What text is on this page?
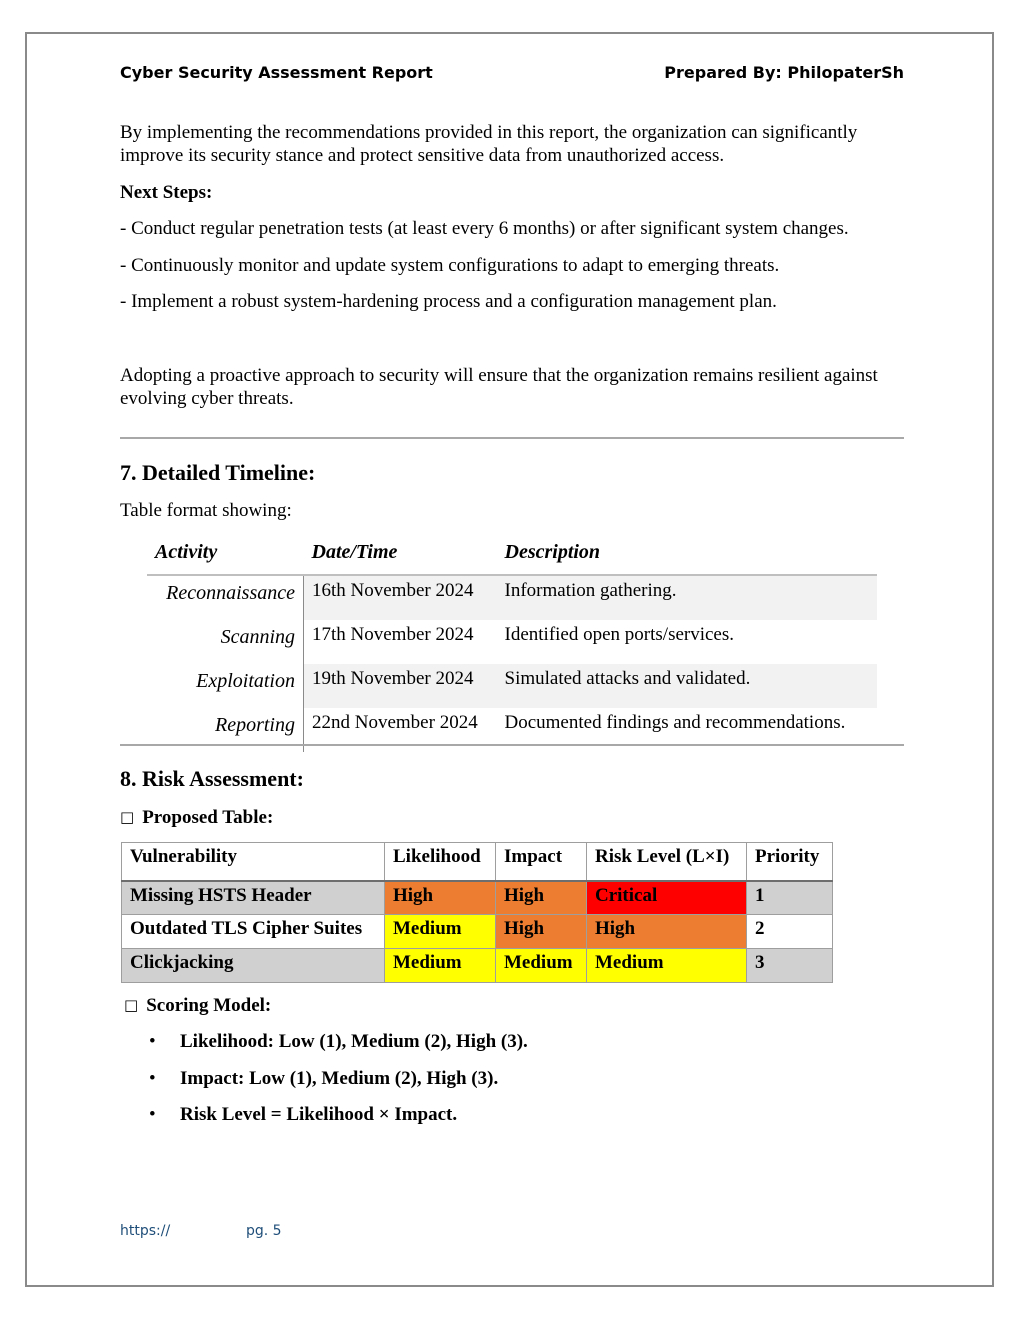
Cyber Security Assessment Report	Prepared By: PhilopaterSh
By implementing the recommendations provided in this report, the organization can significantly improve its security stance and protect sensitive data from unauthorized access.
Next Steps:
- Conduct regular penetration tests (at least every 6 months) or after significant system changes.
- Continuously monitor and update system configurations to adapt to emerging threats.
- Implement a robust system-hardening process and a configuration management plan.
Adopting a proactive approach to security will ensure that the organization remains resilient against evolving cyber threats.
7. Detailed Timeline:
Table format showing:
Activity	Date/Time	Description
Reconnaissance	16th November 2024	Information gathering.
Scanning	17th November 2024	Identified open ports/services.
Exploitation	19th November 2024	Simulated attacks and validated.
Reporting	22nd November 2024	Documented findings and recommendations.
8. Risk Assessment:
□ Proposed Table:
Vulnerability	Likelihood	Impact	Risk Level (L×I)	Priority
Missing HSTS Header	High	High	Critical	1
Outdated TLS Cipher Suites	Medium	High	High	2
Clickjacking	Medium	Medium	Medium	3
□ Scoring Model:
• Likelihood: Low (1), Medium (2), High (3).
• Impact: Low (1), Medium (2), High (3).
• Risk Level = Likelihood × Impact.
https://	pg. 5
